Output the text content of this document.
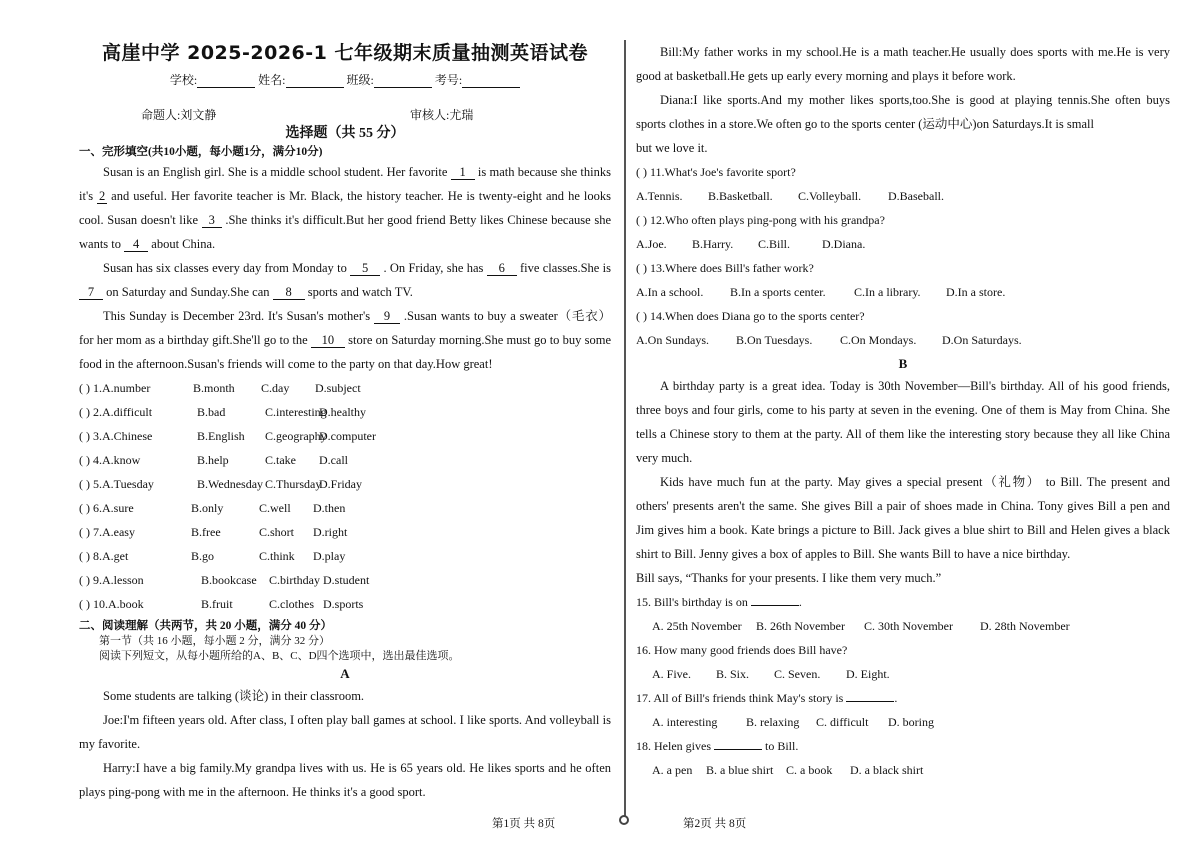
高崖中学 2025-2026-1 七年级期末质量抽测英语试卷
学校:	姓名:	班级:	考号:
命题人:刘文静	审核人:尤瑞
选择题（共 55 分）
一、完形填空(共10小题，每小题1分，满分10分)

Susan is an English girl. She is a middle school student. Her favorite 1 is math because she thinks it's 2 and useful. Her favorite teacher is Mr. Black, the history teacher. He is twenty-eight and he looks cool. Susan doesn't like 3 .She thinks it's difficult.But her good friend Betty likes Chinese because she wants to 4 about China.

Susan has six classes every day from Monday to 5 . On Friday, she has 6 five classes.She is 7 on Saturday and Sunday.She can 8 sports and watch TV.

This Sunday is December 23rd. It's Susan's mother's 9 .Susan wants to buy a sweater（毛衣） for her mom as a birthday gift.She'll go to the 10 store on Saturday morning.She must go to buy some food in the afternoon.Susan's friends will come to the party on that day.How great!

( ) 1.A.number	B.month C.day D.subject
( ) 2.A.difficult	B.bad	C.interestingD.healthy
( ) 3.A.Chinese	B.English C.geographyD.computer
( ) 4.A.know	B.help	C.take D.call
( ) 5.A.Tuesday	B.Wednesday C.ThursdayD.Friday
( ) 6.A.sure	B.only	C.well D.then
( ) 7.A.easy	B.free	C.short D.right
( ) 8.A.get	B.go	C.think D.play
( ) 9.A.lesson	B.bookcase C.birthday D.student
( ) 10.A.book	B.fruit	C.clothes D.sports
二、阅读理解（共两节，共 20 小题，满分 40 分）
第一节（共 16 小题，每小题 2 分，满分 32 分）
阅读下列短文，从每小题所给的A、B、C、D四个选项中，选出最佳选项。
A

Some students are talking (谈论) in their classroom.

Joe:I'm fifteen years old. After class, I often play ball games at school. I like sports. And volleyball is my favorite.

Harry:I have a big family.My grandpa lives with us. He is 65 years old. He likes sports and he often plays ping-pong with me in the afternoon. He thinks it's a good sport.

第1页 共 8页

Bill:My father works in my school.He is a math teacher.He usually does sports with me.He is very good at basketball.He gets up early every morning and plays it before work.

Diana:I like sports.And my mother likes sports,too.She is good at playing tennis.She often buys sports clothes in a store.We often go to the sports center (运动中心)on Saturdays.It is small

but we love it.

( ) 11.What's Joe's favorite sport?
A.Tennis. B.Basketball. C.Volleyball. D.Baseball.
( ) 12.Who often plays ping-pong with his grandpa?
A.Joe. B.Harry. C.Bill.	D.Diana.
( ) 13.Where does Bill's father work?
A.In a school. B.In a sports center. C.In a library. D.In a store.
( ) 14.When does Diana go to the sports center?
A.On Sundays. B.On Tuesdays. C.On Mondays. D.On Saturdays.
B

A birthday party is a great idea. Today is 30th November—Bill's birthday. All of his good friends, three boys and four girls, come to his party at seven in the evening. One of them is May from China. She tells a Chinese story to them at the party. All of them like the interesting story because they all like China very much.

Kids have much fun at the party. May gives a special present（礼物） to Bill. The present and others' presents aren't the same. She gives Bill a pair of shoes made in China. Tony gives Bill a pen and Jim gives him a book. Kate brings a picture to Bill. Jack gives a blue shirt to Bill and Helen gives a black shirt to Bill. Jenny gives a box of apples to Bill. She wants Bill to have a nice birthday.

Bill says, “Thanks for your presents. I like them very much.”

15. Bill's birthday is on	.
A. 25th November B. 26th November C. 30th November D. 28th November
16. How many good friends does Bill have?
A. Five. B. Six. C. Seven. D. Eight.
17. All of Bill's friends think May's story is	.
A. interesting B. relaxing C. difficult D. boring
18. Helen gives	to Bill.
A. a pen B. a blue shirt C. a book D. a black shirt
第2页 共 8页
